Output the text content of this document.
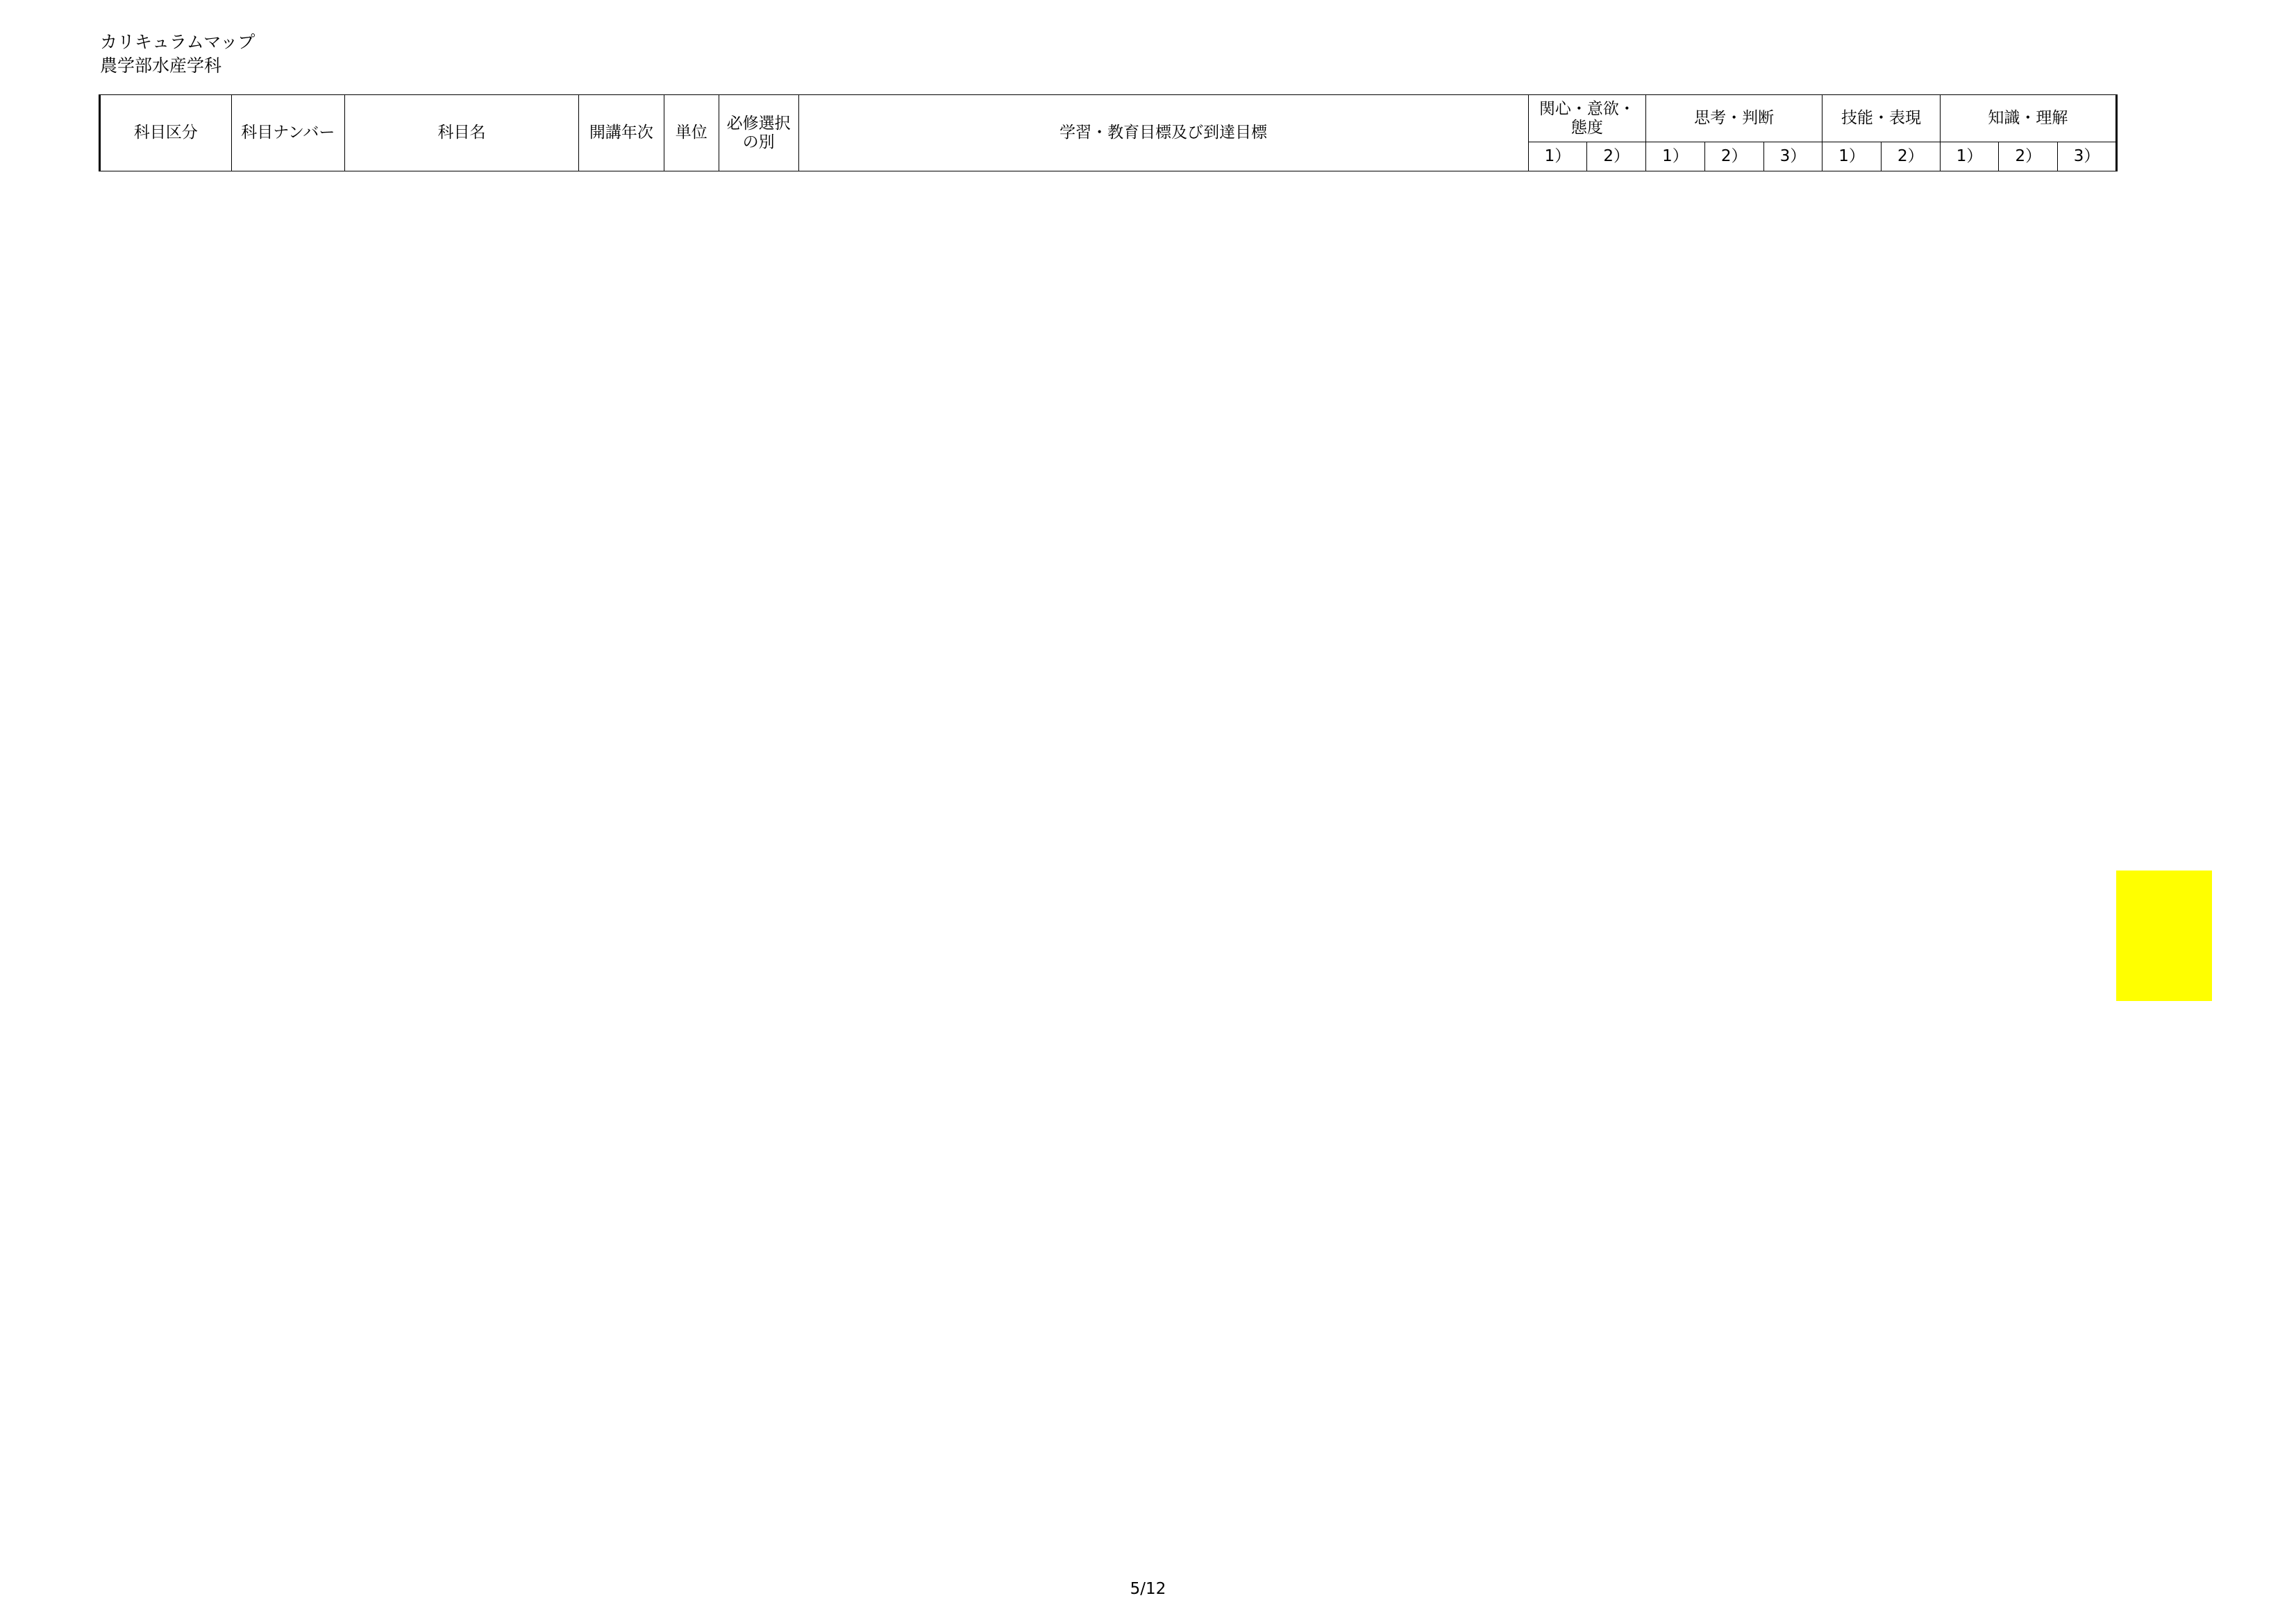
カリキュラムマップ
農学部水産学科
科目区分	科目ナンバー	科目名	開講年次	単位	必修選択の別	学習・教育目標及び到達目標	関心・意欲・態度		思考・判断			技能・表現		知識・理解		
							1）	2）	1）	2）	3）	1）	2）	1）	2）	3）
5/12
